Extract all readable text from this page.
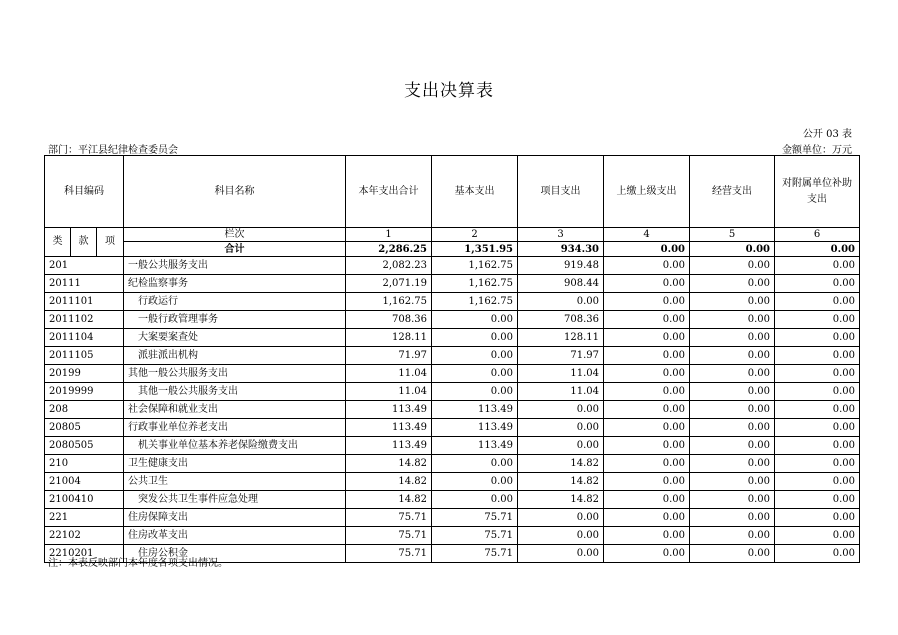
支出决算表
公开 03 表
部门：平江县纪律检查委员会	金额单位：万元
科目编码			科目名称	本年支出合计	基本支出	项目支出	上缴上级支出	经营支出	对附属单位补助支出
类	款	项	栏次	1	2	3	4	5	6
			合计	2,286.25	1,351.95	934.30	0.00	0.00	0.00
201			一般公共服务支出	2,082.23	1,162.75	919.48	0.00	0.00	0.00
20111			纪检监察事务	2,071.19	1,162.75	908.44	0.00	0.00	0.00
2011101			行政运行	1,162.75	1,162.75	0.00	0.00	0.00	0.00
2011102			一般行政管理事务	708.36	0.00	708.36	0.00	0.00	0.00
2011104			大案要案查处	128.11	0.00	128.11	0.00	0.00	0.00
2011105			派驻派出机构	71.97	0.00	71.97	0.00	0.00	0.00
20199			其他一般公共服务支出	11.04	0.00	11.04	0.00	0.00	0.00
2019999			其他一般公共服务支出	11.04	0.00	11.04	0.00	0.00	0.00
208			社会保障和就业支出	113.49	113.49	0.00	0.00	0.00	0.00
20805			行政事业单位养老支出	113.49	113.49	0.00	0.00	0.00	0.00
2080505			机关事业单位基本养老保险缴费支出	113.49	113.49	0.00	0.00	0.00	0.00
210			卫生健康支出	14.82	0.00	14.82	0.00	0.00	0.00
21004			公共卫生	14.82	0.00	14.82	0.00	0.00	0.00
2100410			突发公共卫生事件应急处理	14.82	0.00	14.82	0.00	0.00	0.00
221			住房保障支出	75.71	75.71	0.00	0.00	0.00	0.00
22102			住房改革支出	75.71	75.71	0.00	0.00	0.00	0.00
2210201			住房公积金	75.71	75.71	0.00	0.00	0.00	0.00
注：本表反映部门本年度各项支出情况。
